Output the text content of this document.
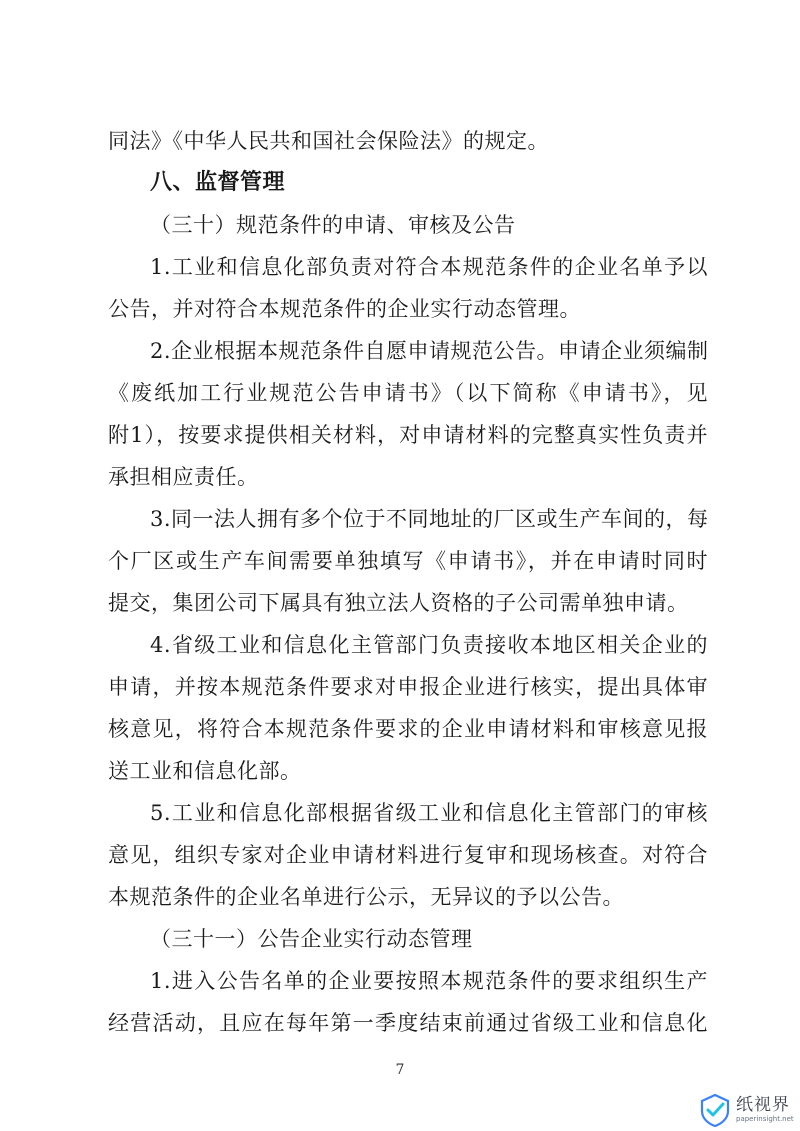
同法》《中华人民共和国社会保险法》的规定。
八、监督管理
（三十）规范条件的申请、审核及公告
1.工业和信息化部负责对符合本规范条件的企业名单予以
公告，并对符合本规范条件的企业实行动态管理。
2.企业根据本规范条件自愿申请规范公告。申请企业须编制
《废纸加工行业规范公告申请书》（以下简称《申请书》，见
附1），按要求提供相关材料，对申请材料的完整真实性负责并
承担相应责任。
3.同一法人拥有多个位于不同地址的厂区或生产车间的，每
个厂区或生产车间需要单独填写《申请书》，并在申请时同时
提交，集团公司下属具有独立法人资格的子公司需单独申请。
4.省级工业和信息化主管部门负责接收本地区相关企业的
申请，并按本规范条件要求对申报企业进行核实，提出具体审
核意见，将符合本规范条件要求的企业申请材料和审核意见报
送工业和信息化部。
5.工业和信息化部根据省级工业和信息化主管部门的审核
意见，组织专家对企业申请材料进行复审和现场核查。对符合
本规范条件的企业名单进行公示，无异议的予以公告。
（三十一）公告企业实行动态管理
1.进入公告名单的企业要按照本规范条件的要求组织生产
经营活动，且应在每年第一季度结束前通过省级工业和信息化
7
纸视界
paperinsight.net
